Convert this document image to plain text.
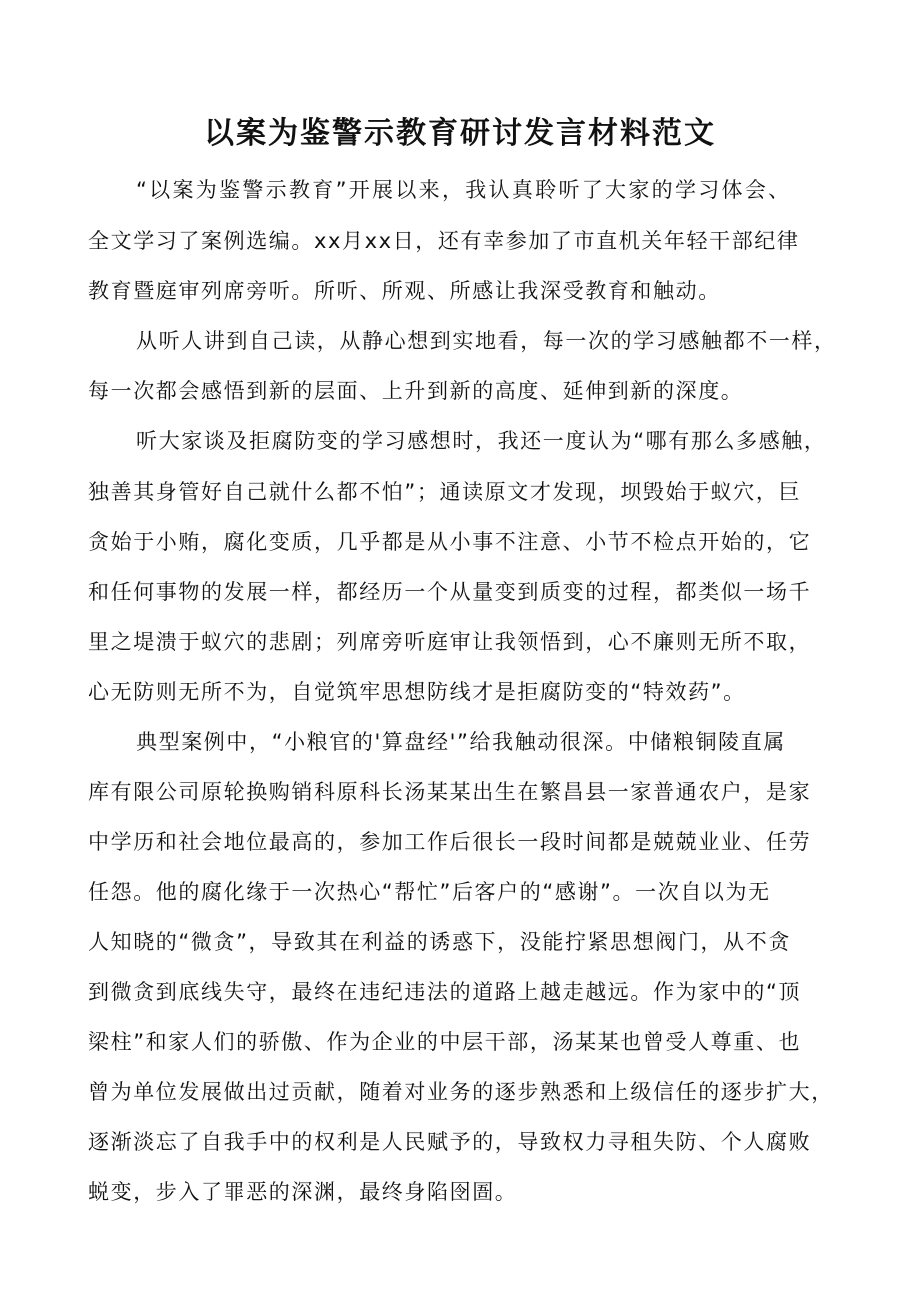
以案为鉴警示教育研讨发言材料范文

“以案为鉴警示教育”开展以来，我认真聆听了大家的学习体会、

全文学习了案例选编。xx月xx日，还有幸参加了市直机关年轻干部纪律

教育暨庭审列席旁听。所听、所观、所感让我深受教育和触动。

从听人讲到自己读，从静心想到实地看，每一次的学习感触都不一样，

每一次都会感悟到新的层面、上升到新的高度、延伸到新的深度。

听大家谈及拒腐防变的学习感想时，我还一度认为“哪有那么多感触，

独善其身管好自己就什么都不怕”；通读原文才发现，坝毁始于蚁穴，巨

贪始于小贿，腐化变质，几乎都是从小事不注意、小节不检点开始的，它

和任何事物的发展一样，都经历一个从量变到质变的过程，都类似一场千

里之堤溃于蚁穴的悲剧；列席旁听庭审让我领悟到，心不廉则无所不取，

心无防则无所不为，自觉筑牢思想防线才是拒腐防变的“特效药”。

典型案例中，“小粮官的'算盘经'”给我触动很深。中储粮铜陵直属

库有限公司原轮换购销科原科长汤某某出生在繁昌县一家普通农户，是家

中学历和社会地位最高的，参加工作后很长一段时间都是兢兢业业、任劳

任怨。他的腐化缘于一次热心“帮忙”后客户的“感谢”。一次自以为无

人知晓的“微贪”，导致其在利益的诱惑下，没能拧紧思想阀门，从不贪

到微贪到底线失守，最终在违纪违法的道路上越走越远。作为家中的“顶

梁柱”和家人们的骄傲、作为企业的中层干部，汤某某也曾受人尊重、也

曾为单位发展做出过贡献，随着对业务的逐步熟悉和上级信任的逐步扩大，

逐渐淡忘了自我手中的权利是人民赋予的，导致权力寻租失防、个人腐败

蜕变，步入了罪恶的深渊，最终身陷囹圄。
